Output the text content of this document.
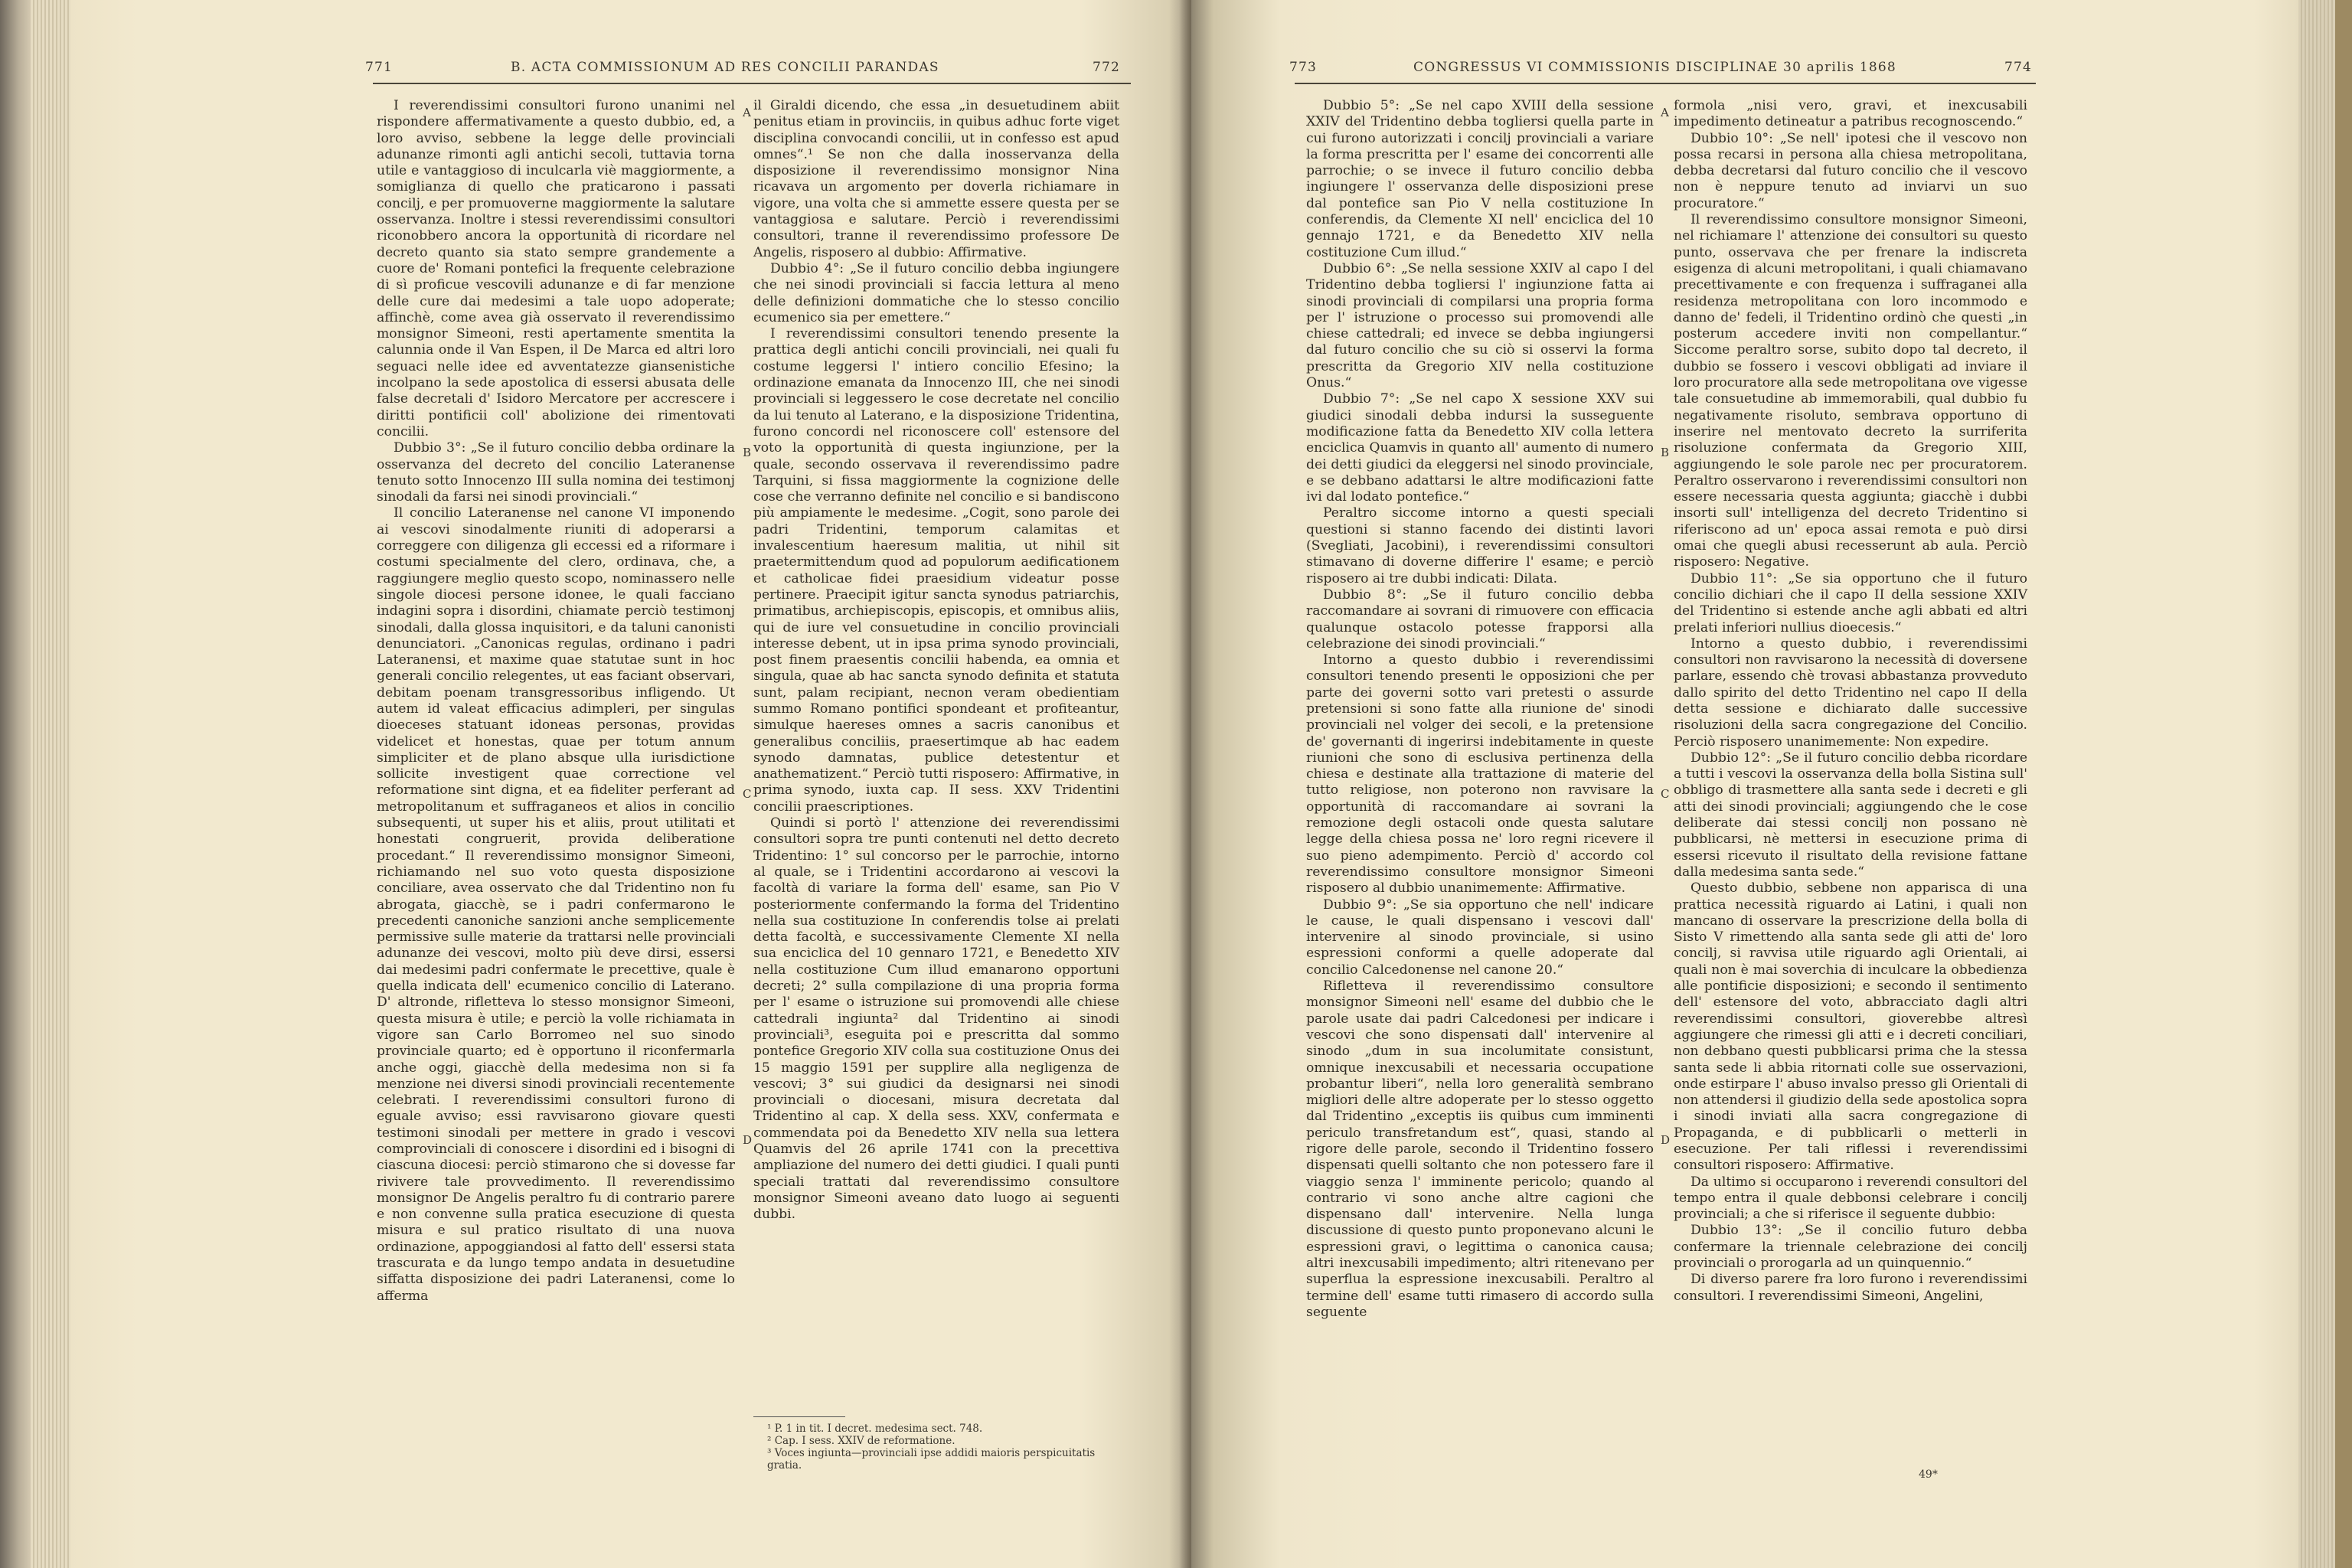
771	B. ACTA COMMISSIONUM AD RES CONCILII PARANDAS	772

I reverendissimi consultori furono unanimi nel rispondere affermativamente a questo dubbio, ed, a loro avviso, sebbene la legge delle provinciali adunanze rimonti agli antichi secoli, tuttavia torna utile e vantaggioso di inculcarla viè maggiormente, a somiglianza di quello che praticarono i passati concilj, e per promuoverne maggiormente la salutare osservanza. Inoltre i stessi reverendissimi consultori riconobbero ancora la opportunità di ricordare nel decreto quanto sia stato sempre grandemente a cuore de' Romani pontefici la frequente celebrazione di sì proficue vescovili adunanze e di far menzione delle cure dai medesimi a tale uopo adoperate; affinchè, come avea già osservato il reverendissimo monsignor Simeoni, resti apertamente smentita la calunnia onde il Van Espen, il De Marca ed altri loro seguaci nelle idee ed avventatezze giansenistiche incolpano la sede apostolica di essersi abusata delle false decretali d' Isidoro Mercatore per accrescere i diritti pontificii coll' abolizione dei rimentovati concilii.

Dubbio 3°: „Se il futuro concilio debba ordinare la osservanza del decreto del concilio Lateranense tenuto sotto Innocenzo III sulla nomina dei testimonj sinodali da farsi nei sinodi provinciali.“

Il concilio Lateranense nel canone VI imponendo ai vescovi sinodalmente riuniti di adoperarsi a correggere con diligenza gli eccessi ed a riformare i costumi specialmente del clero, ordinava, che, a raggiungere meglio questo scopo, nominassero nelle singole diocesi persone idonee, le quali facciano indagini sopra i disordini, chiamate perciò testimonj sinodali, dalla glossa inquisitori, e da taluni canonisti denunciatori. „Canonicas regulas, ordinano i padri Lateranensi, et maxime quae statutae sunt in hoc generali concilio relegentes, ut eas faciant observari, debitam poenam transgressoribus infligendo. Ut autem id valeat efficacius adimpleri, per singulas dioeceses statuant idoneas personas, providas videlicet et honestas, quae per totum annum simpliciter et de plano absque ulla iurisdictione sollicite investigent quae correctione vel reformatione sint digna, et ea fideliter perferant ad metropolitanum et suffraganeos et alios in concilio subsequenti, ut super his et aliis, prout utilitati et honestati congruerit, provida deliberatione procedant.“ Il reverendissimo monsignor Simeoni, richiamando nel suo voto questa disposizione conciliare, avea osservato che dal Tridentino non fu abrogata, giacchè, se i padri confermarono le precedenti canoniche sanzioni anche semplicemente permissive sulle materie da trattarsi nelle provinciali adunanze dei vescovi, molto più deve dirsi, essersi dai medesimi padri confermate le precettive, quale è quella indicata dell' ecumenico concilio di Laterano. D' altronde, rifletteva lo stesso monsignor Simeoni, questa misura è utile; e perciò la volle richiamata in vigore san Carlo Borromeo nel suo sinodo provinciale quarto; ed è opportuno il riconfermarla anche oggi, giacchè della medesima non si fa menzione nei diversi sinodi provinciali recentemente celebrati. I reverendissimi consultori furono di eguale avviso; essi ravvisarono giovare questi testimoni sinodali per mettere in grado i vescovi comprovinciali di conoscere i disordini ed i bisogni di ciascuna diocesi: perciò stimarono che si dovesse far rivivere tale provvedimento. Il reverendissimo monsignor De Angelis peraltro fu di contrario parere e non convenne sulla pratica esecuzione di questa misura e sul pratico risultato di una nuova ordinazione, appoggiandosi al fatto dell' essersi stata trascurata e da lungo tempo andata in desuetudine siffatta disposizione dei padri Lateranensi, come lo afferma

il Giraldi dicendo, che essa „in desuetudinem abiit penitus etiam in provinciis, in quibus adhuc forte viget disciplina convocandi concilii, ut in confesso est apud omnes“.¹ Se non che dalla inosservanza della disposizione il reverendissimo monsignor Nina ricavava un argomento per doverla richiamare in vigore, una volta che si ammette essere questa per se vantaggiosa e salutare. Perciò i reverendissimi consultori, tranne il reverendissimo professore De Angelis, risposero al dubbio: Affirmative.

Dubbio 4°: „Se il futuro concilio debba ingiungere che nei sinodi provinciali si faccia lettura al meno delle definizioni dommatiche che lo stesso concilio ecumenico sia per emettere.“

I reverendissimi consultori tenendo presente la prattica degli antichi concili provinciali, nei quali fu costume leggersi l' intiero concilio Efesino; la ordinazione emanata da Innocenzo III, che nei sinodi provinciali si leggessero le cose decretate nel concilio da lui tenuto al Laterano, e la disposizione Tridentina, furono concordi nel riconoscere coll' estensore del voto la opportunità di questa ingiunzione, per la quale, secondo osservava il reverendissimo padre Tarquini, si fissa maggiormente la cognizione delle cose che verranno definite nel concilio e si bandiscono più ampiamente le medesime. „Cogit, sono parole dei padri Tridentini, temporum calamitas et invalescentium haeresum malitia, ut nihil sit praetermittendum quod ad populorum aedificationem et catholicae fidei praesidium videatur posse pertinere. Praecipit igitur sancta synodus patriarchis, primatibus, archiepiscopis, episcopis, et omnibus aliis, qui de iure vel consuetudine in concilio provinciali interesse debent, ut in ipsa prima synodo provinciali, post finem praesentis concilii habenda, ea omnia et singula, quae ab hac sancta synodo definita et statuta sunt, palam recipiant, necnon veram obedientiam summo Romano pontifici spondeant et profiteantur, simulque haereses omnes a sacris canonibus et generalibus conciliis, praesertimque ab hac eadem synodo damnatas, publice detestentur et anathematizent.“ Perciò tutti risposero: Affirmative, in prima synodo, iuxta cap. II sess. XXV Tridentini concilii praescriptiones.

Quindi si portò l' attenzione dei reverendissimi consultori sopra tre punti contenuti nel detto decreto Tridentino: 1° sul concorso per le parrochie, intorno al quale, se i Tridentini accordarono ai vescovi la facoltà di variare la forma dell' esame, san Pio V posteriormente confermando la forma del Tridentino nella sua costituzione In conferendis tolse ai prelati detta facoltà, e successivamente Clemente XI nella sua enciclica del 10 gennaro 1721, e Benedetto XIV nella costituzione Cum illud emanarono opportuni decreti; 2° sulla compilazione di una propria forma per l' esame o istruzione sui promovendi alle chiese cattedrali ingiunta² dal Tridentino ai sinodi provinciali³, eseguita poi e prescritta dal sommo pontefice Gregorio XIV colla sua costituzione Onus dei 15 maggio 1591 per supplire alla negligenza de vescovi; 3° sui giudici da designarsi nei sinodi provinciali o diocesani, misura decretata dal Tridentino al cap. X della sess. XXV, confermata e commendata poi da Benedetto XIV nella sua lettera Quamvis del 26 aprile 1741 con la precettiva ampliazione del numero dei detti giudici. I quali punti speciali trattati dal reverendissimo consultore monsignor Simeoni aveano dato luogo ai seguenti dubbi.

A
B
C
D
¹ P. 1 in tit. I decret. medesima sect. 748.
² Cap. I sess. XXIV de reformatione.
³ Voces ingiunta—provinciali ipse addidi maioris perspicuitatis gratia.
773	CONGRESSUS VI COMMISSIONIS DISCIPLINAE 30 aprilis 1868	774

Dubbio 5°: „Se nel capo XVIII della sessione XXIV del Tridentino debba togliersi quella parte in cui furono autorizzati i concilj provinciali a variare la forma prescritta per l' esame dei concorrenti alle parrochie; o se invece il futuro concilio debba ingiungere l' osservanza delle disposizioni prese dal pontefice san Pio V nella costituzione In conferendis, da Clemente XI nell' enciclica del 10 gennajo 1721, e da Benedetto XIV nella costituzione Cum illud.“

Dubbio 6°: „Se nella sessione XXIV al capo I del Tridentino debba togliersi l' ingiunzione fatta ai sinodi provinciali di compilarsi una propria forma per l' istruzione o processo sui promovendi alle chiese cattedrali; ed invece se debba ingiungersi dal futuro concilio che su ciò si osservi la forma prescritta da Gregorio XIV nella costituzione Onus.“

Dubbio 7°: „Se nel capo X sessione XXV sui giudici sinodali debba indursi la susseguente modificazione fatta da Benedetto XIV colla lettera enciclica Quamvis in quanto all' aumento di numero dei detti giudici da eleggersi nel sinodo provinciale, e se debbano adattarsi le altre modificazioni fatte ivi dal lodato pontefice.“

Peraltro siccome intorno a questi speciali questioni si stanno facendo dei distinti lavori (Svegliati, Jacobini), i reverendissimi consultori stimavano di doverne differire l' esame; e perciò risposero ai tre dubbi indicati: Dilata.

Dubbio 8°: „Se il futuro concilio debba raccomandare ai sovrani di rimuovere con efficacia qualunque ostacolo potesse frapporsi alla celebrazione dei sinodi provinciali.“

Intorno a questo dubbio i reverendissimi consultori tenendo presenti le opposizioni che per parte dei governi sotto vari pretesti o assurde pretensioni si sono fatte alla riunione de' sinodi provinciali nel volger dei secoli, e la pretensione de' governanti di ingerirsi indebitamente in queste riunioni che sono di esclusiva pertinenza della chiesa e destinate alla trattazione di materie del tutto religiose, non poterono non ravvisare la opportunità di raccomandare ai sovrani la remozione degli ostacoli onde questa salutare legge della chiesa possa ne' loro regni ricevere il suo pieno adempimento. Perciò d' accordo col reverendissimo consultore monsignor Simeoni risposero al dubbio unanimemente: Affirmative.

Dubbio 9°: „Se sia opportuno che nell' indicare le cause, le quali dispensano i vescovi dall' intervenire al sinodo provinciale, si usino espressioni conformi a quelle adoperate dal concilio Calcedonense nel canone 20.“

Rifletteva il reverendissimo consultore monsignor Simeoni nell' esame del dubbio che le parole usate dai padri Calcedonesi per indicare i vescovi che sono dispensati dall' intervenire al sinodo „dum in sua incolumitate consistunt, omnique inexcusabili et necessaria occupatione probantur liberi“, nella loro generalità sembrano migliori delle altre adoperate per lo stesso oggetto dal Tridentino „exceptis iis quibus cum imminenti periculo transfretandum est“, quasi, stando al rigore delle parole, secondo il Tridentino fossero dispensati quelli soltanto che non potessero fare il viaggio senza l' imminente pericolo; quando al contrario vi sono anche altre cagioni che dispensano dall' intervenire. Nella lunga discussione di questo punto proponevano alcuni le espressioni gravi, o legittima o canonica causa; altri inexcusabili impedimento; altri ritenevano per superflua la espressione inexcusabili. Peraltro al termine dell' esame tutti rimasero di accordo sulla seguente

formola „nisi vero, gravi, et inexcusabili impedimento detineatur a patribus recognoscendo.“

Dubbio 10°: „Se nell' ipotesi che il vescovo non possa recarsi in persona alla chiesa metropolitana, debba decretarsi dal futuro concilio che il vescovo non è neppure tenuto ad inviarvi un suo procuratore.“

Il reverendissimo consultore monsignor Simeoni, nel richiamare l' attenzione dei consultori su questo punto, osservava che per frenare la indiscreta esigenza di alcuni metropolitani, i quali chiamavano precettivamente e con frequenza i suffraganei alla residenza metropolitana con loro incommodo e danno de' fedeli, il Tridentino ordinò che questi „in posterum accedere inviti non compellantur.“ Siccome peraltro sorse, subito dopo tal decreto, il dubbio se fossero i vescovi obbligati ad inviare il loro procuratore alla sede metropolitana ove vigesse tale consuetudine ab immemorabili, qual dubbio fu negativamente risoluto, sembrava opportuno di inserire nel mentovato decreto la surriferita risoluzione confermata da Gregorio XIII, aggiungendo le sole parole nec per procuratorem. Peraltro osservarono i reverendissimi consultori non essere necessaria questa aggiunta; giacchè i dubbi insorti sull' intelligenza del decreto Tridentino si riferiscono ad un' epoca assai remota e può dirsi omai che quegli abusi recesserunt ab aula. Perciò risposero: Negative.

Dubbio 11°: „Se sia opportuno che il futuro concilio dichiari che il capo II della sessione XXIV del Tridentino si estende anche agli abbati ed altri prelati inferiori nullius dioecesis.“

Intorno a questo dubbio, i reverendissimi consultori non ravvisarono la necessità di doversene parlare, essendo chè trovasi abbastanza provveduto dallo spirito del detto Tridentino nel capo II della detta sessione e dichiarato dalle successive risoluzioni della sacra congregazione del Concilio. Perciò risposero unanimemente: Non expedire.

Dubbio 12°: „Se il futuro concilio debba ricordare a tutti i vescovi la osservanza della bolla Sistina sull' obbligo di trasmettere alla santa sede i decreti e gli atti dei sinodi provinciali; aggiungendo che le cose deliberate dai stessi concilj non possano nè pubblicarsi, nè mettersi in esecuzione prima di essersi ricevuto il risultato della revisione fattane dalla medesima santa sede.“

Questo dubbio, sebbene non apparisca di una prattica necessità riguardo ai Latini, i quali non mancano di osservare la prescrizione della bolla di Sisto V rimettendo alla santa sede gli atti de' loro concilj, si ravvisa utile riguardo agli Orientali, ai quali non è mai soverchia di inculcare la obbedienza alle pontificie disposizioni; e secondo il sentimento dell' estensore del voto, abbracciato dagli altri reverendissimi consultori, gioverebbe altresì aggiungere che rimessi gli atti e i decreti conciliari, non debbano questi pubblicarsi prima che la stessa santa sede li abbia ritornati colle sue osservazioni, onde estirpare l' abuso invalso presso gli Orientali di non attendersi il giudizio della sede apostolica sopra i sinodi inviati alla sacra congregazione di Propaganda, e di pubblicarli o metterli in esecuzione. Per tali riflessi i reverendissimi consultori risposero: Affirmative.

Da ultimo si occuparono i reverendi consultori del tempo entra il quale debbonsi celebrare i concilj provinciali; a che si riferisce il seguente dubbio:

Dubbio 13°: „Se il concilio futuro debba confermare la triennale celebrazione dei concilj provinciali o prorogarla ad un quinquennio.“

Di diverso parere fra loro furono i reverendissimi consultori. I reverendissimi Simeoni, Angelini,

A
B
C
D
49*
